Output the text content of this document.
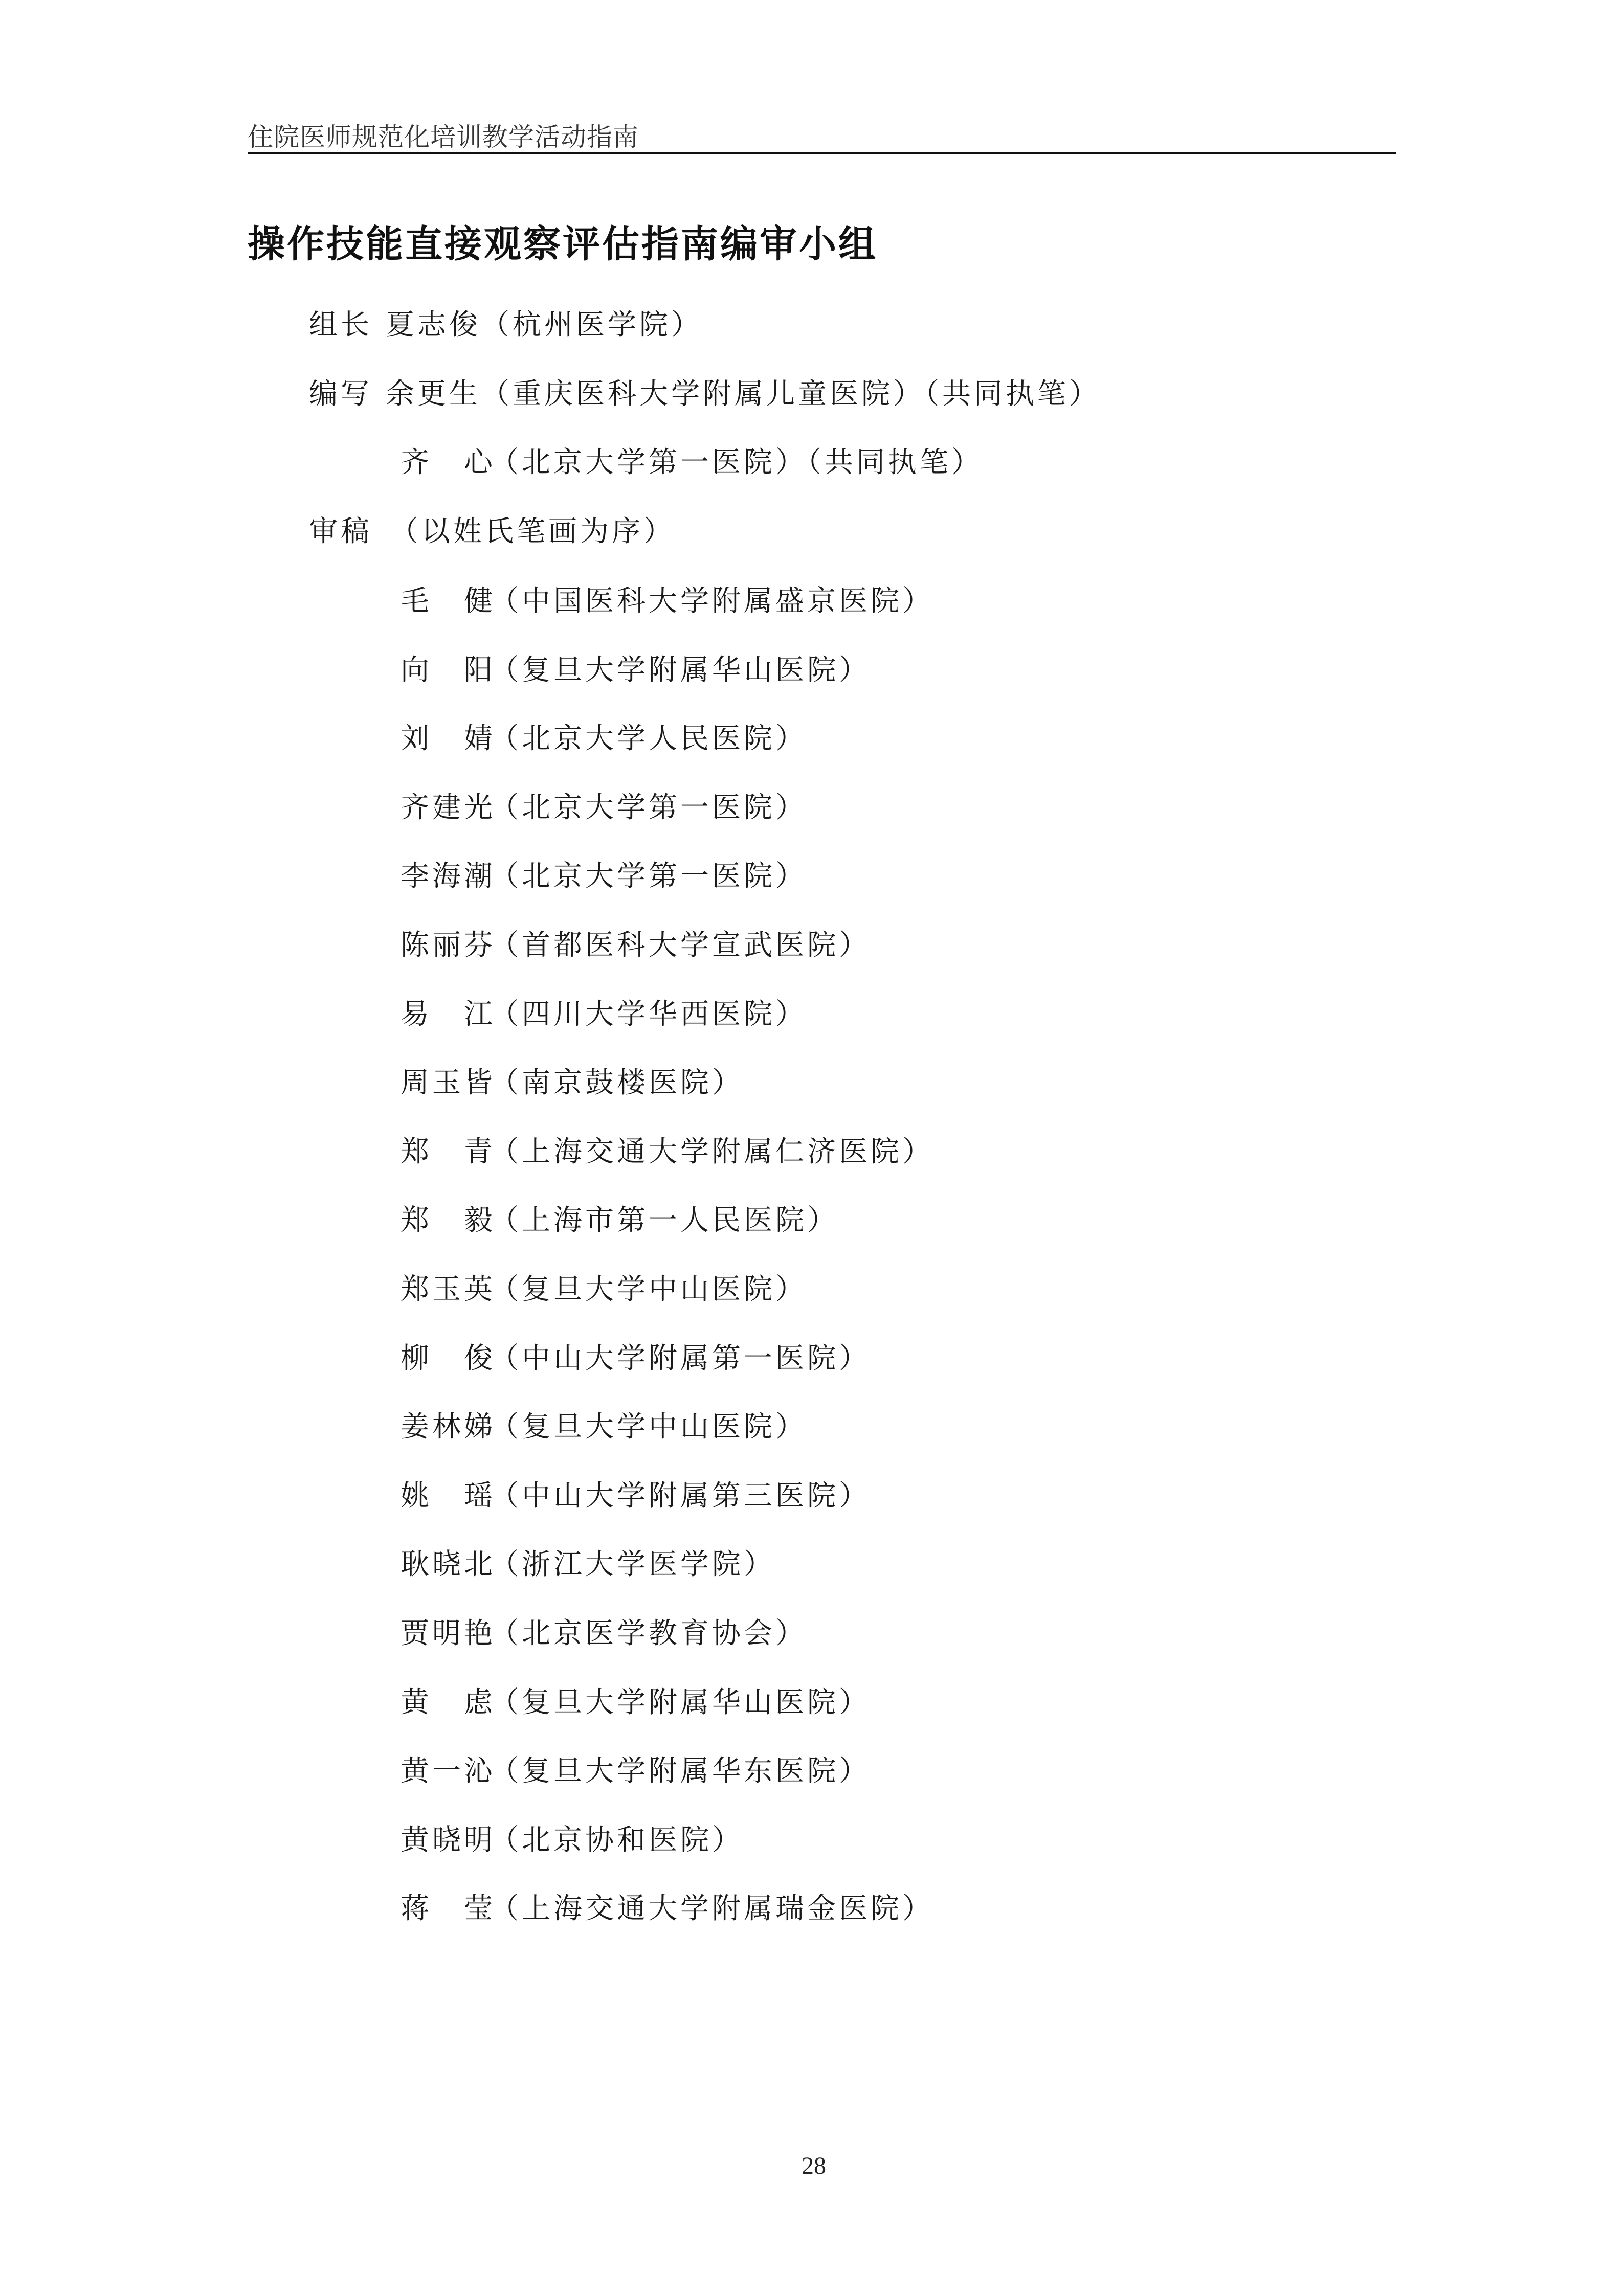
住院医师规范化培训教学活动指南
操作技能直接观察评估指南编审小组
组长 夏志俊 （杭州医学院）
编写 余更生 （重庆医科大学附属儿童医院）（共同执笔）
齐　心
（北京大学第一医院）（共同执笔）
审稿 （以姓氏笔画为序）
毛　健
（中国医科大学附属盛京医院）
向　阳
（复旦大学附属华山医院）
刘　婧
（北京大学人民医院）
齐建光
（北京大学第一医院）
李海潮
（北京大学第一医院）
陈丽芬
（首都医科大学宣武医院）
易　江
（四川大学华西医院）
周玉皆
（南京鼓楼医院）
郑　青
（上海交通大学附属仁济医院）
郑　毅
（上海市第一人民医院）
郑玉英
（复旦大学中山医院）
柳　俊
（中山大学附属第一医院）
姜林娣
（复旦大学中山医院）
姚　瑶
（中山大学附属第三医院）
耿晓北
（浙江大学医学院）
贾明艳
（北京医学教育协会）
黄　虑
（复旦大学附属华山医院）
黄一沁
（复旦大学附属华东医院）
黄晓明
（北京协和医院）
蒋　莹
（上海交通大学附属瑞金医院）
28
